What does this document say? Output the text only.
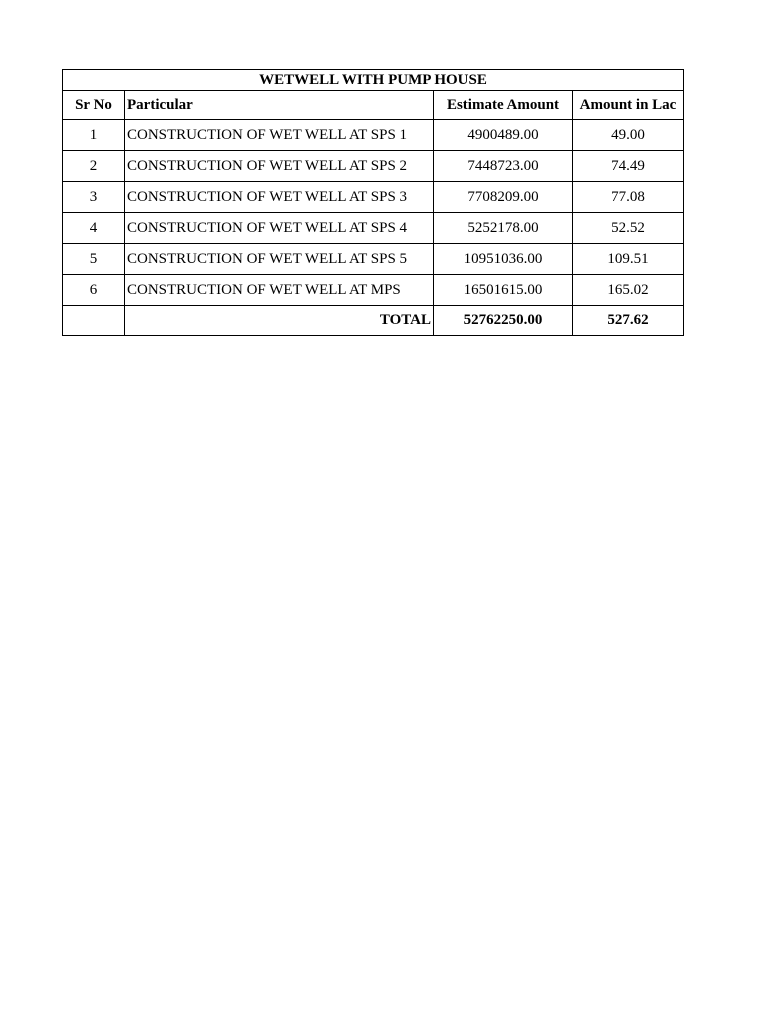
WETWELL WITH PUMP HOUSE			
Sr No	Particular	Estimate Amount	Amount in Lac
1	CONSTRUCTION OF WET WELL AT SPS 1	4900489.00	49.00
2	CONSTRUCTION OF WET WELL AT SPS 2	7448723.00	74.49
3	CONSTRUCTION OF WET WELL AT SPS 3	7708209.00	77.08
4	CONSTRUCTION OF WET WELL AT SPS 4	5252178.00	52.52
5	CONSTRUCTION OF WET WELL AT SPS 5	10951036.00	109.51
6	CONSTRUCTION OF WET WELL AT MPS	16501615.00	165.02
	TOTAL	52762250.00	527.62
